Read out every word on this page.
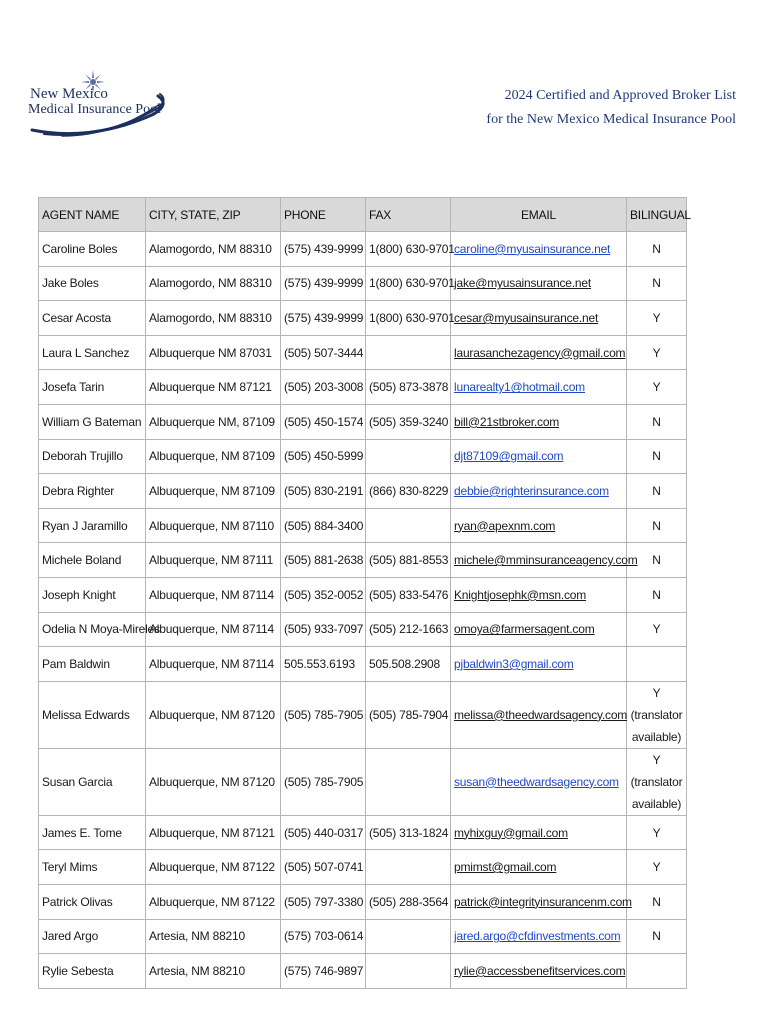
New Mexico
Medical Insurance Pool
2024 Certified and Approved Broker List
for the New Mexico Medical Insurance Pool
AGENT NAME	CITY, STATE, ZIP	PHONE	FAX	EMAIL	BILINGUAL
Caroline Boles	Alamogordo, NM 88310	(575) 439-9999	1(800) 630-9701	caroline@myusainsurance.net	N
Jake Boles	Alamogordo, NM 88310	(575) 439-9999	1(800) 630-9701	jake@myusainsurance.net	N
Cesar Acosta	Alamogordo, NM 88310	(575) 439-9999	1(800) 630-9701	cesar@myusainsurance.net	Y
Laura L Sanchez	Albuquerque NM 87031	(505) 507-3444		laurasanchezagency@gmail.com	Y
Josefa Tarin	Albuquerque NM 87121	(505) 203-3008	(505) 873-3878	lunarealty1@hotmail.com	Y
William G Bateman	Albuquerque NM, 87109	(505) 450-1574	(505) 359-3240	bill@21stbroker.com	N
Deborah Trujillo	Albuquerque, NM 87109	(505) 450-5999		djt87109@gmail.com	N
Debra Righter	Albuquerque, NM 87109	(505) 830-2191	(866) 830-8229	debbie@righterinsurance.com	N
Ryan J Jaramillo	Albuquerque, NM 87110	(505) 884-3400		ryan@apexnm.com	N
Michele Boland	Albuquerque, NM 87111	(505) 881-2638	(505) 881-8553	michele@mminsuranceagency.com	N
Joseph Knight	Albuquerque, NM 87114	(505) 352-0052	(505) 833-5476	Knightjosephk@msn.com	N
Odelia N Moya-Mireles	Albuquerque, NM 87114	(505) 933-7097	(505) 212-1663	omoya@farmersagent.com	Y
Pam Baldwin	Albuquerque, NM 87114	505.553.6193	505.508.2908	pjbaldwin3@gmail.com	
Melissa Edwards	Albuquerque, NM 87120	(505) 785-7905	(505) 785-7904	melissa@theedwardsagency.com	Y (translator available)
Susan Garcia	Albuquerque, NM 87120	(505) 785-7905		susan@theedwardsagency.com	Y (translator available)
James E. Tome	Albuquerque, NM 87121	(505) 440-0317	(505) 313-1824	myhixguy@gmail.com	Y
Teryl Mims	Albuquerque, NM 87122	(505) 507-0741		pmimst@gmail.com	Y
Patrick Olivas	Albuquerque, NM 87122	(505) 797-3380	(505) 288-3564	patrick@integrityinsurancenm.com	N
Jared Argo	Artesia, NM 88210	(575) 703-0614		jared.argo@cfdinvestments.com	N
Rylie Sebesta	Artesia, NM 88210	(575) 746-9897		rylie@accessbenefitservices.com	
